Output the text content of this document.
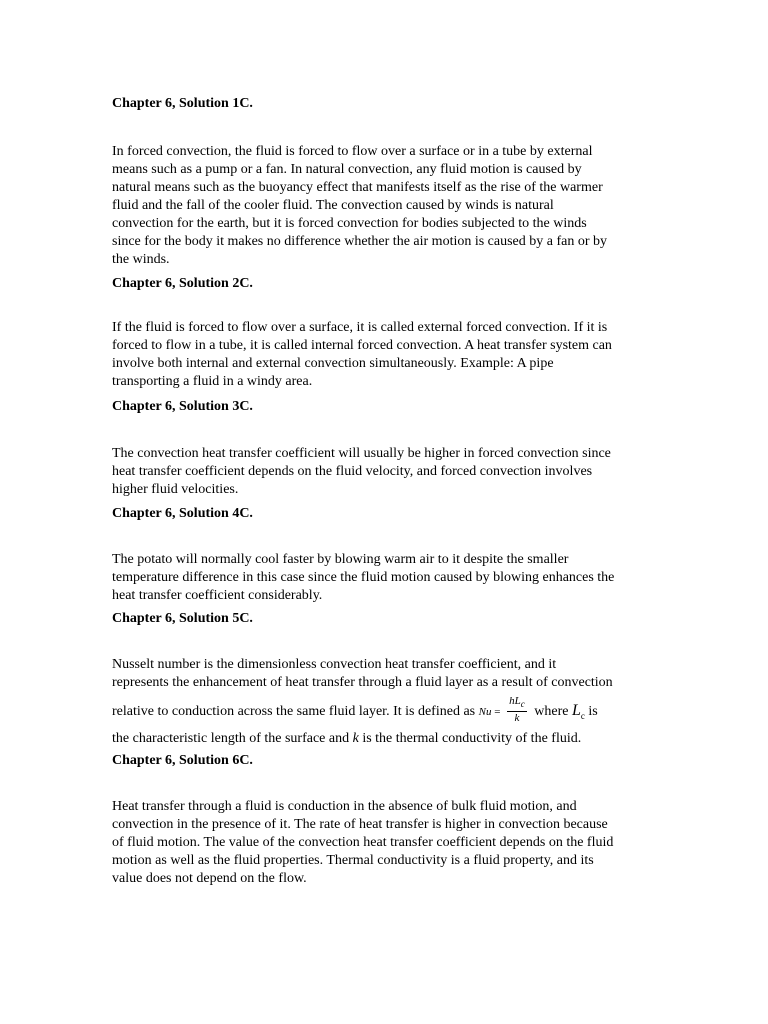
Chapter 6, Solution 1C.
In forced convection, the fluid is forced to flow over a surface or in a tube by external
means such as a pump or a fan. In natural convection, any fluid motion is caused by
natural means such as the buoyancy effect that manifests itself as the rise of the warmer
fluid and the fall of the cooler fluid. The convection caused by winds is natural
convection for the earth, but it is forced convection for bodies subjected to the winds
since for the body it makes no difference whether the air motion is caused by a fan or by
the winds.
Chapter 6, Solution 2C.
If the fluid is forced to flow over a surface, it is called external forced convection. If it is
forced to flow in a tube, it is called internal forced convection. A heat transfer system can
involve both internal and external convection simultaneously. Example: A pipe
transporting a fluid in a windy area.
Chapter 6, Solution 3C.
The convection heat transfer coefficient will usually be higher in forced convection since
heat transfer coefficient depends on the fluid velocity, and forced convection involves
higher fluid velocities.
Chapter 6, Solution 4C.
The potato will normally cool faster by blowing warm air to it despite the smaller
temperature difference in this case since the fluid motion caused by blowing enhances the
heat transfer coefficient considerably.
Chapter 6, Solution 5C.
Nusselt number is the dimensionless convection heat transfer coefficient, and it
represents the enhancement of heat transfer through a fluid layer as a result of convection
relative to conduction across the same fluid layer. It is defined as $Nu = \frac{hL_c}{k}$ where $L_c$ is
the characteristic length of the surface and k is the thermal conductivity of the fluid.
Chapter 6, Solution 6C.
Heat transfer through a fluid is conduction in the absence of bulk fluid motion, and
convection in the presence of it. The rate of heat transfer is higher in convection because
of fluid motion. The value of the convection heat transfer coefficient depends on the fluid
motion as well as the fluid properties. Thermal conductivity is a fluid property, and its
value does not depend on the flow.
